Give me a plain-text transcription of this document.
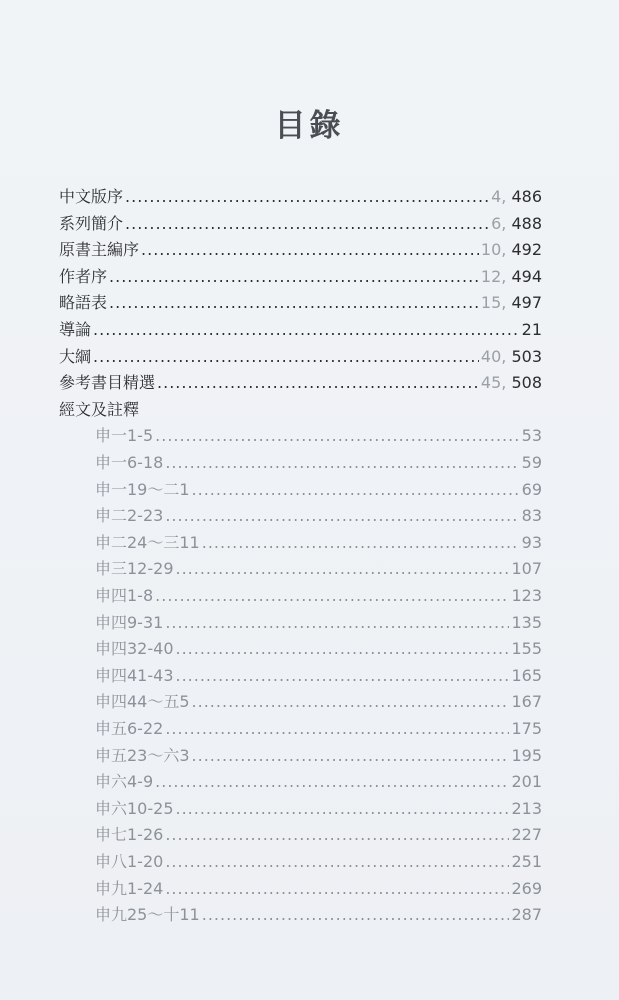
目錄
中文版序 .....	4, 486
系列簡介 .....	6, 488
原書主編序 .....	10, 492
作者序 .....	12, 494
略語表 .....	15, 497
導論 .....	21
大綱 .....	40, 503
參考書目精選 .....	45, 508
經文及註釋
申一1-5 .....	53
申一6-18 .....	59
申一19～二1 .....	69
申二2-23 .....	83
申二24～三11 .....	93
申三12-29 .....	107
申四1-8 .....	123
申四9-31 .....	135
申四32-40 .....	155
申四41-43 .....	165
申四44～五5 .....	167
申五6-22 .....	175
申五23～六3 .....	195
申六4-9 .....	201
申六10-25 .....	213
申七1-26 .....	227
申八1-20 .....	251
申九1-24 .....	269
申九25～十11 .....	287
